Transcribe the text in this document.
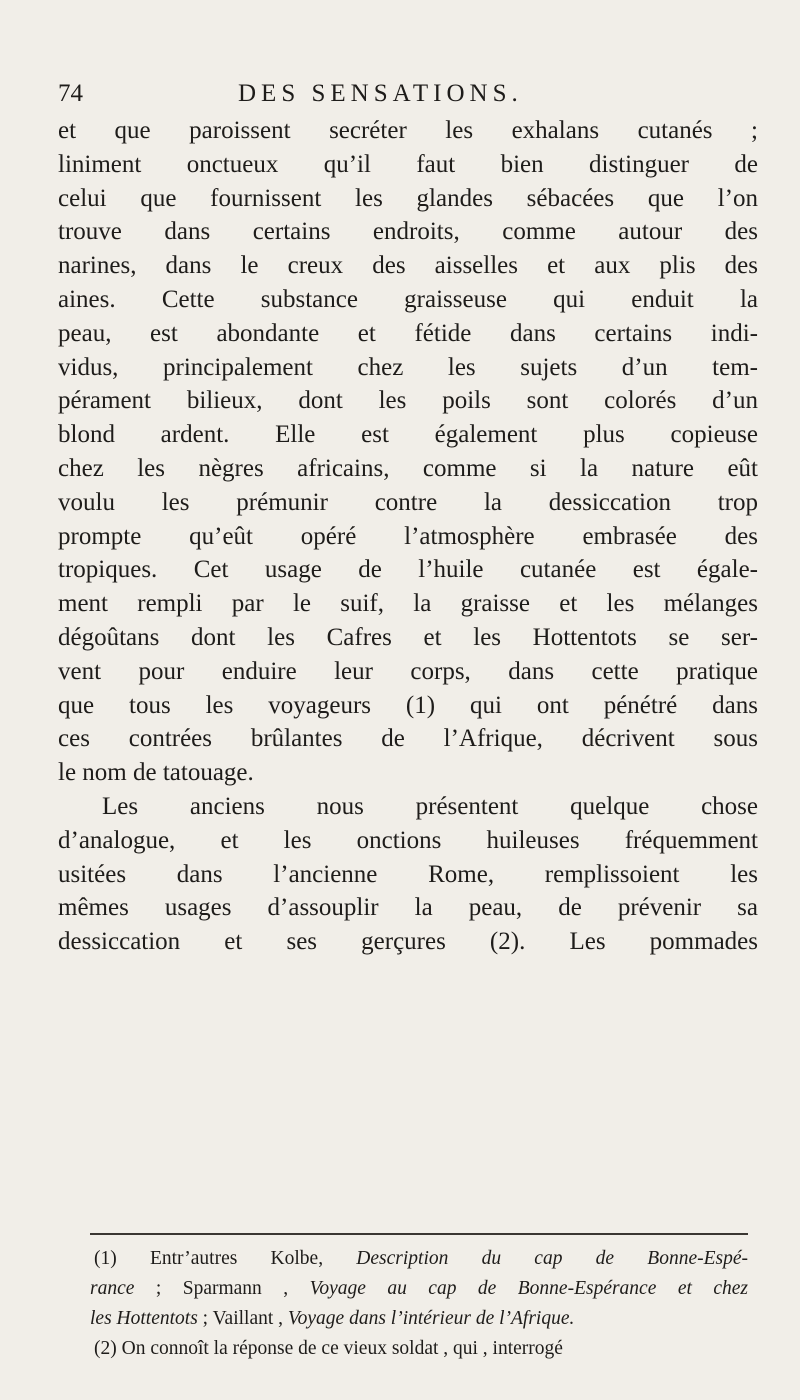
74	DES SENSATIONS.
et que paroissent secréter les exhalans cutanés ;
liniment onctueux qu’il faut bien distinguer de
celui que fournissent les glandes sébacées que l’on
trouve dans certains endroits, comme autour des
narines, dans le creux des aisselles et aux plis des
aines. Cette substance graisseuse qui enduit la
peau, est abondante et fétide dans certains indi-
vidus, principalement chez les sujets d’un tem-
pérament bilieux, dont les poils sont colorés d’un
blond ardent. Elle est également plus copieuse
chez les nègres africains, comme si la nature eût
voulu les prémunir contre la dessiccation trop
prompte qu’eût opéré l’atmosphère embrasée des
tropiques. Cet usage de l’huile cutanée est égale-
ment rempli par le suif, la graisse et les mélanges
dégoûtans dont les Cafres et les Hottentots se ser-
vent pour enduire leur corps, dans cette pratique
que tous les voyageurs (1) qui ont pénétré dans
ces contrées brûlantes de l’Afrique, décrivent sous
le nom de tatouage.
Les anciens nous présentent quelque chose
d’analogue, et les onctions huileuses fréquemment
usitées dans l’ancienne Rome, remplissoient les
mêmes usages d’assouplir la peau, de prévenir sa
dessiccation et ses gerçures (2). Les pommades
(1) Entr’autres Kolbe, Description du cap de Bonne-Espé-
rance ; Sparmann , Voyage au cap de Bonne-Espérance et chez
les Hottentots ; Vaillant , Voyage dans l’intérieur de l’Afrique.
(2) On connoît la réponse de ce vieux soldat , qui , interrogé
